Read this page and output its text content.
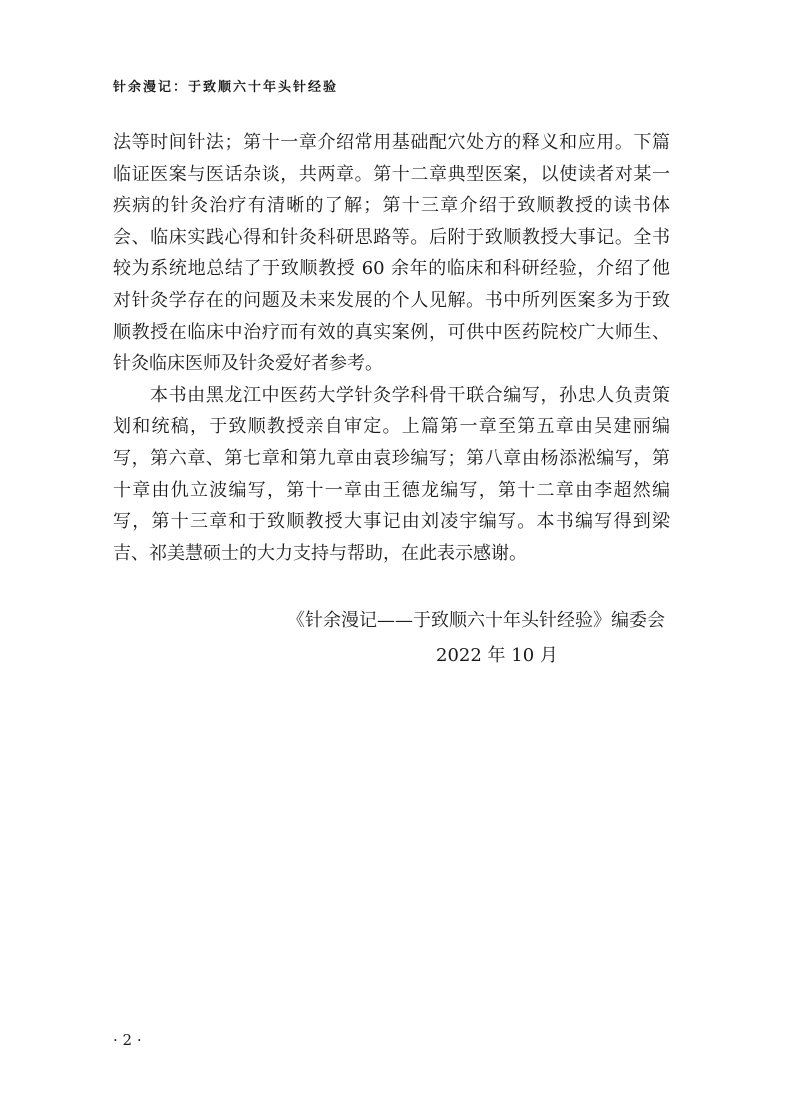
针余漫记：于致顺六十年头针经验
法等时间针法；第十一章介绍常用基础配穴处方的释义和应用。下篇
临证医案与医话杂谈，共两章。第十二章典型医案，以使读者对某一
疾病的针灸治疗有清晰的了解；第十三章介绍于致顺教授的读书体
会、临床实践心得和针灸科研思路等。后附于致顺教授大事记。全书
较为系统地总结了于致顺教授 60 余年的临床和科研经验，介绍了他
对针灸学存在的问题及未来发展的个人见解。书中所列医案多为于致
顺教授在临床中治疗而有效的真实案例，可供中医药院校广大师生、
针灸临床医师及针灸爱好者参考。
本书由黑龙江中医药大学针灸学科骨干联合编写，孙忠人负责策
划和统稿，于致顺教授亲自审定。上篇第一章至第五章由吴建丽编
写，第六章、第七章和第九章由袁珍编写；第八章由杨添淞编写，第
十章由仇立波编写，第十一章由王德龙编写，第十二章由李超然编
写，第十三章和于致顺教授大事记由刘凌宇编写。本书编写得到梁
吉、祁美慧硕士的大力支持与帮助，在此表示感谢。
《针余漫记——于致顺六十年头针经验》编委会
2022 年 10 月
· 2 ·
